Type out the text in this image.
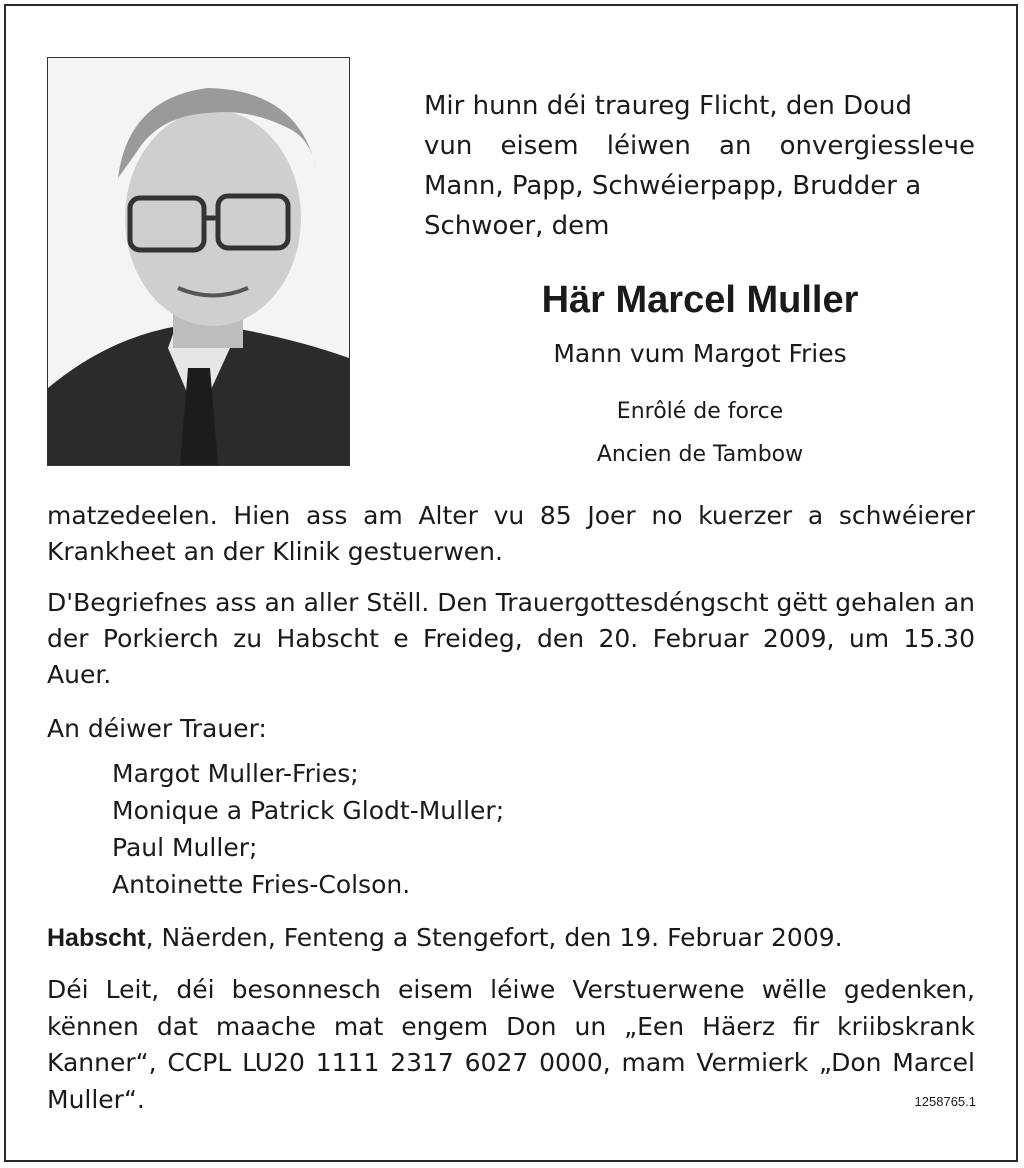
Mir hunn déi traureg Flicht, den Doud
vun eisem léiwen an onvergiesslече Mann, Papp, Schwéierpapp, Brudder a
Schwoer, dem
Här Marcel Muller
Mann vum Margot Fries
Enrôlé de force
Ancien de Tambow
matzedeelen. Hien ass am Alter vu 85 Joer no kuerzer a schwéierer Krankheet an der Klinik gestuerwen.
D'Begriefnes ass an aller Stëll. Den Trauergottesdéngscht gëtt gehalen an der Porkierch zu Habscht e Freideg, den 20. Februar 2009, um 15.30 Auer.
An déiwer Trauer:
Margot Muller-Fries;
Monique a Patrick Glodt-Muller;
Paul Muller;
Antoinette Fries-Colson.
Habscht, Näerden, Fenteng a Stengefort, den 19. Februar 2009.
Déi Leit, déi besonnesch eisem léiwe Verstuerwene wëlle gedenken, kënnen dat maache mat engem Don un „Een Häerz fir kriibskrank Kanner“, CCPL LU20 1111 2317 6027 0000, mam Vermierk „Don Marcel Muller“.	1258765.1
